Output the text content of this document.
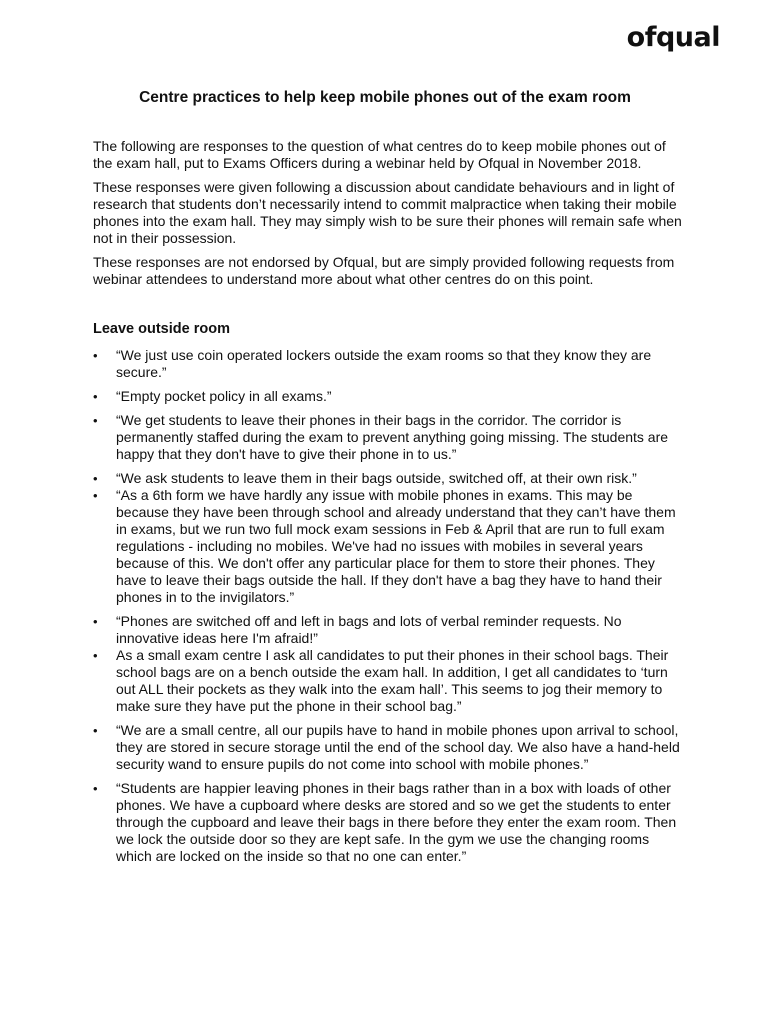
ofqual
Centre practices to help keep mobile phones out of the exam room

The following are responses to the question of what centres do to keep mobile phones out of the exam hall, put to Exams Officers during a webinar held by Ofqual in November 2018.

These responses were given following a discussion about candidate behaviours and in light of research that students don’t necessarily intend to commit malpractice when taking their mobile phones into the exam hall. They may simply wish to be sure their phones will remain safe when not in their possession.

These responses are not endorsed by Ofqual, but are simply provided following requests from webinar attendees to understand more about what other centres do on this point.

Leave outside room
• “We just use coin operated lockers outside the exam rooms so that they know they are secure.”
• “Empty pocket policy in all exams.”
• “We get students to leave their phones in their bags in the corridor. The corridor is permanently staffed during the exam to prevent anything going missing. The students are happy that they don't have to give their phone in to us.”
• “We ask students to leave them in their bags outside, switched off, at their own risk.”
• “As a 6th form we have hardly any issue with mobile phones in exams. This may be because they have been through school and already understand that they can’t have them in exams, but we run two full mock exam sessions in Feb & April that are run to full exam regulations - including no mobiles. We've had no issues with mobiles in several years because of this. We don't offer any particular place for them to store their phones. They have to leave their bags outside the hall. If they don't have a bag they have to hand their phones in to the invigilators.”
• “Phones are switched off and left in bags and lots of verbal reminder requests. No innovative ideas here I'm afraid!”
• As a small exam centre I ask all candidates to put their phones in their school bags. Their school bags are on a bench outside the exam hall. In addition, I get all candidates to ‘turn out ALL their pockets as they walk into the exam hall’. This seems to jog their memory to make sure they have put the phone in their school bag.”
• “We are a small centre, all our pupils have to hand in mobile phones upon arrival to school, they are stored in secure storage until the end of the school day. We also have a hand-held security wand to ensure pupils do not come into school with mobile phones.”
• “Students are happier leaving phones in their bags rather than in a box with loads of other phones. We have a cupboard where desks are stored and so we get the students to enter through the cupboard and leave their bags in there before they enter the exam room. Then we lock the outside door so they are kept safe. In the gym we use the changing rooms which are locked on the inside so that no one can enter.”
